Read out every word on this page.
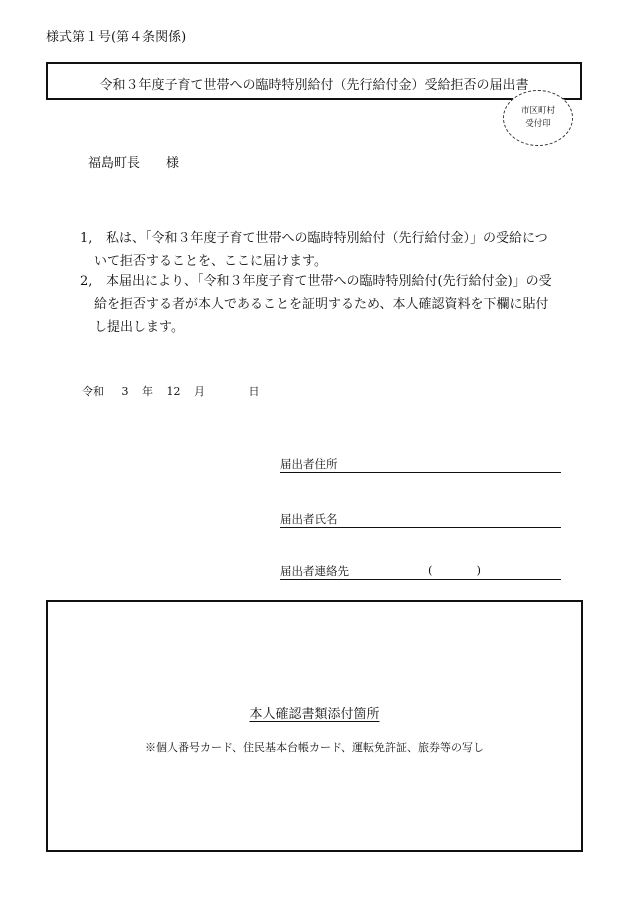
様式第１号(第４条関係)
令和３年度子育て世帯への臨時特別給付（先行給付金）受給拒否の届出書
市区町村
受付印
福島町長 様
1,	私は、「令和３年度子育て世帯への臨時特別給付（先行給付金）」の受給について拒否することを、ここに届けます。
2,	本届出により、「令和３年度子育て世帯への臨時特別給付(先行給付金)」の受給を拒否する者が本人であることを証明するため、本人確認資料を下欄に貼付し提出します。
令和 3 年 12 月	日
届出者住所
届出者氏名
届出者連絡先	(	)
本人確認書類添付箇所
※個人番号カード、住民基本台帳カード、運転免許証、旅券等の写し
